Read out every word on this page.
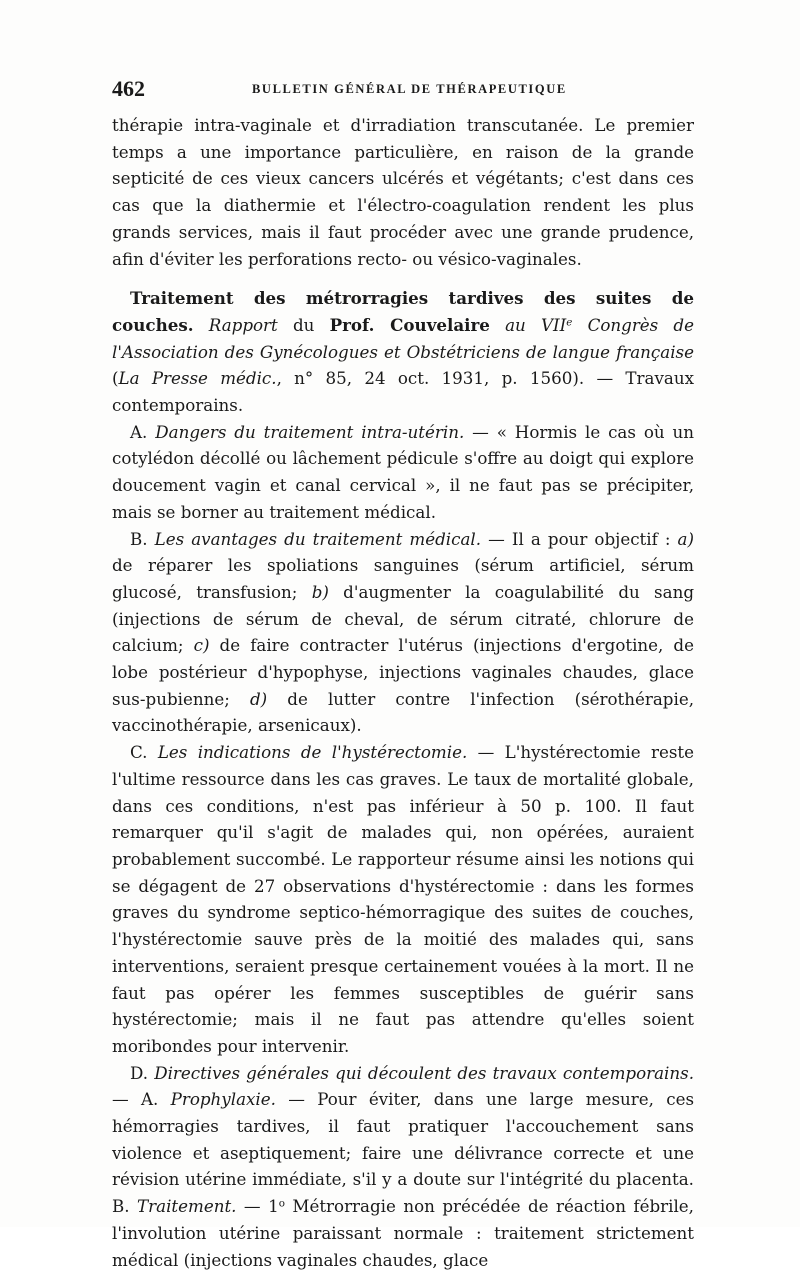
462	BULLETIN GÉNÉRAL DE THÉRAPEUTIQUE

thérapie intra-vaginale et d'irradiation transcutanée. Le premier temps a une importance particulière, en raison de la grande septicité de ces vieux cancers ulcérés et végétants; c'est dans ces cas que la diathermie et l'électro-coagulation rendent les plus grands services, mais il faut procéder avec une grande prudence, afin d'éviter les perforations recto- ou vésico-vaginales.

Traitement des métrorragies tardives des suites de couches. Rapport du Prof. Couvelaire au VIIe Congrès de l'Association des Gynécologues et Obstétriciens de langue française (La Presse médic., n° 85, 24 oct. 1931, p. 1560). — Travaux contemporains.

A. Dangers du traitement intra-utérin. — « Hormis le cas où un cotylédon décollé ou lâchement pédicule s'offre au doigt qui explore doucement vagin et canal cervical », il ne faut pas se précipiter, mais se borner au traitement médical.

B. Les avantages du traitement médical. — Il a pour objectif : a) de réparer les spoliations sanguines (sérum artificiel, sérum glucosé, transfusion; b) d'augmenter la coagulabilité du sang (injections de sérum de cheval, de sérum citraté, chlorure de calcium; c) de faire contracter l'utérus (injections d'ergotine, de lobe postérieur d'hypophyse, injections vaginales chaudes, glace sus-pubienne; d) de lutter contre l'infection (sérothérapie, vaccinothérapie, arsenicaux).

C. Les indications de l'hystérectomie. — L'hystérectomie reste l'ultime ressource dans les cas graves. Le taux de mortalité globale, dans ces conditions, n'est pas inférieur à 50 p. 100. Il faut remarquer qu'il s'agit de malades qui, non opérées, auraient probablement succombé. Le rapporteur résume ainsi les notions qui se dégagent de 27 observations d'hystérectomie : dans les formes graves du syndrome septico-hémorragique des suites de couches, l'hystérectomie sauve près de la moitié des malades qui, sans interventions, seraient presque certainement vouées à la mort. Il ne faut pas opérer les femmes susceptibles de guérir sans hystérectomie; mais il ne faut pas attendre qu'elles soient moribondes pour intervenir.

D. Directives générales qui découlent des travaux contemporains. — A. Prophylaxie. — Pour éviter, dans une large mesure, ces hémorragies tardives, il faut pratiquer l'accouchement sans violence et aseptiquement; faire une délivrance correcte et une révision utérine immédiate, s'il y a doute sur l'intégrité du placenta. B. Traitement. — 1$^o$ Métrorragie non précédée de réaction fébrile, l'involution utérine paraissant normale : traitement strictement médical (injections vaginales chaudes, glace
